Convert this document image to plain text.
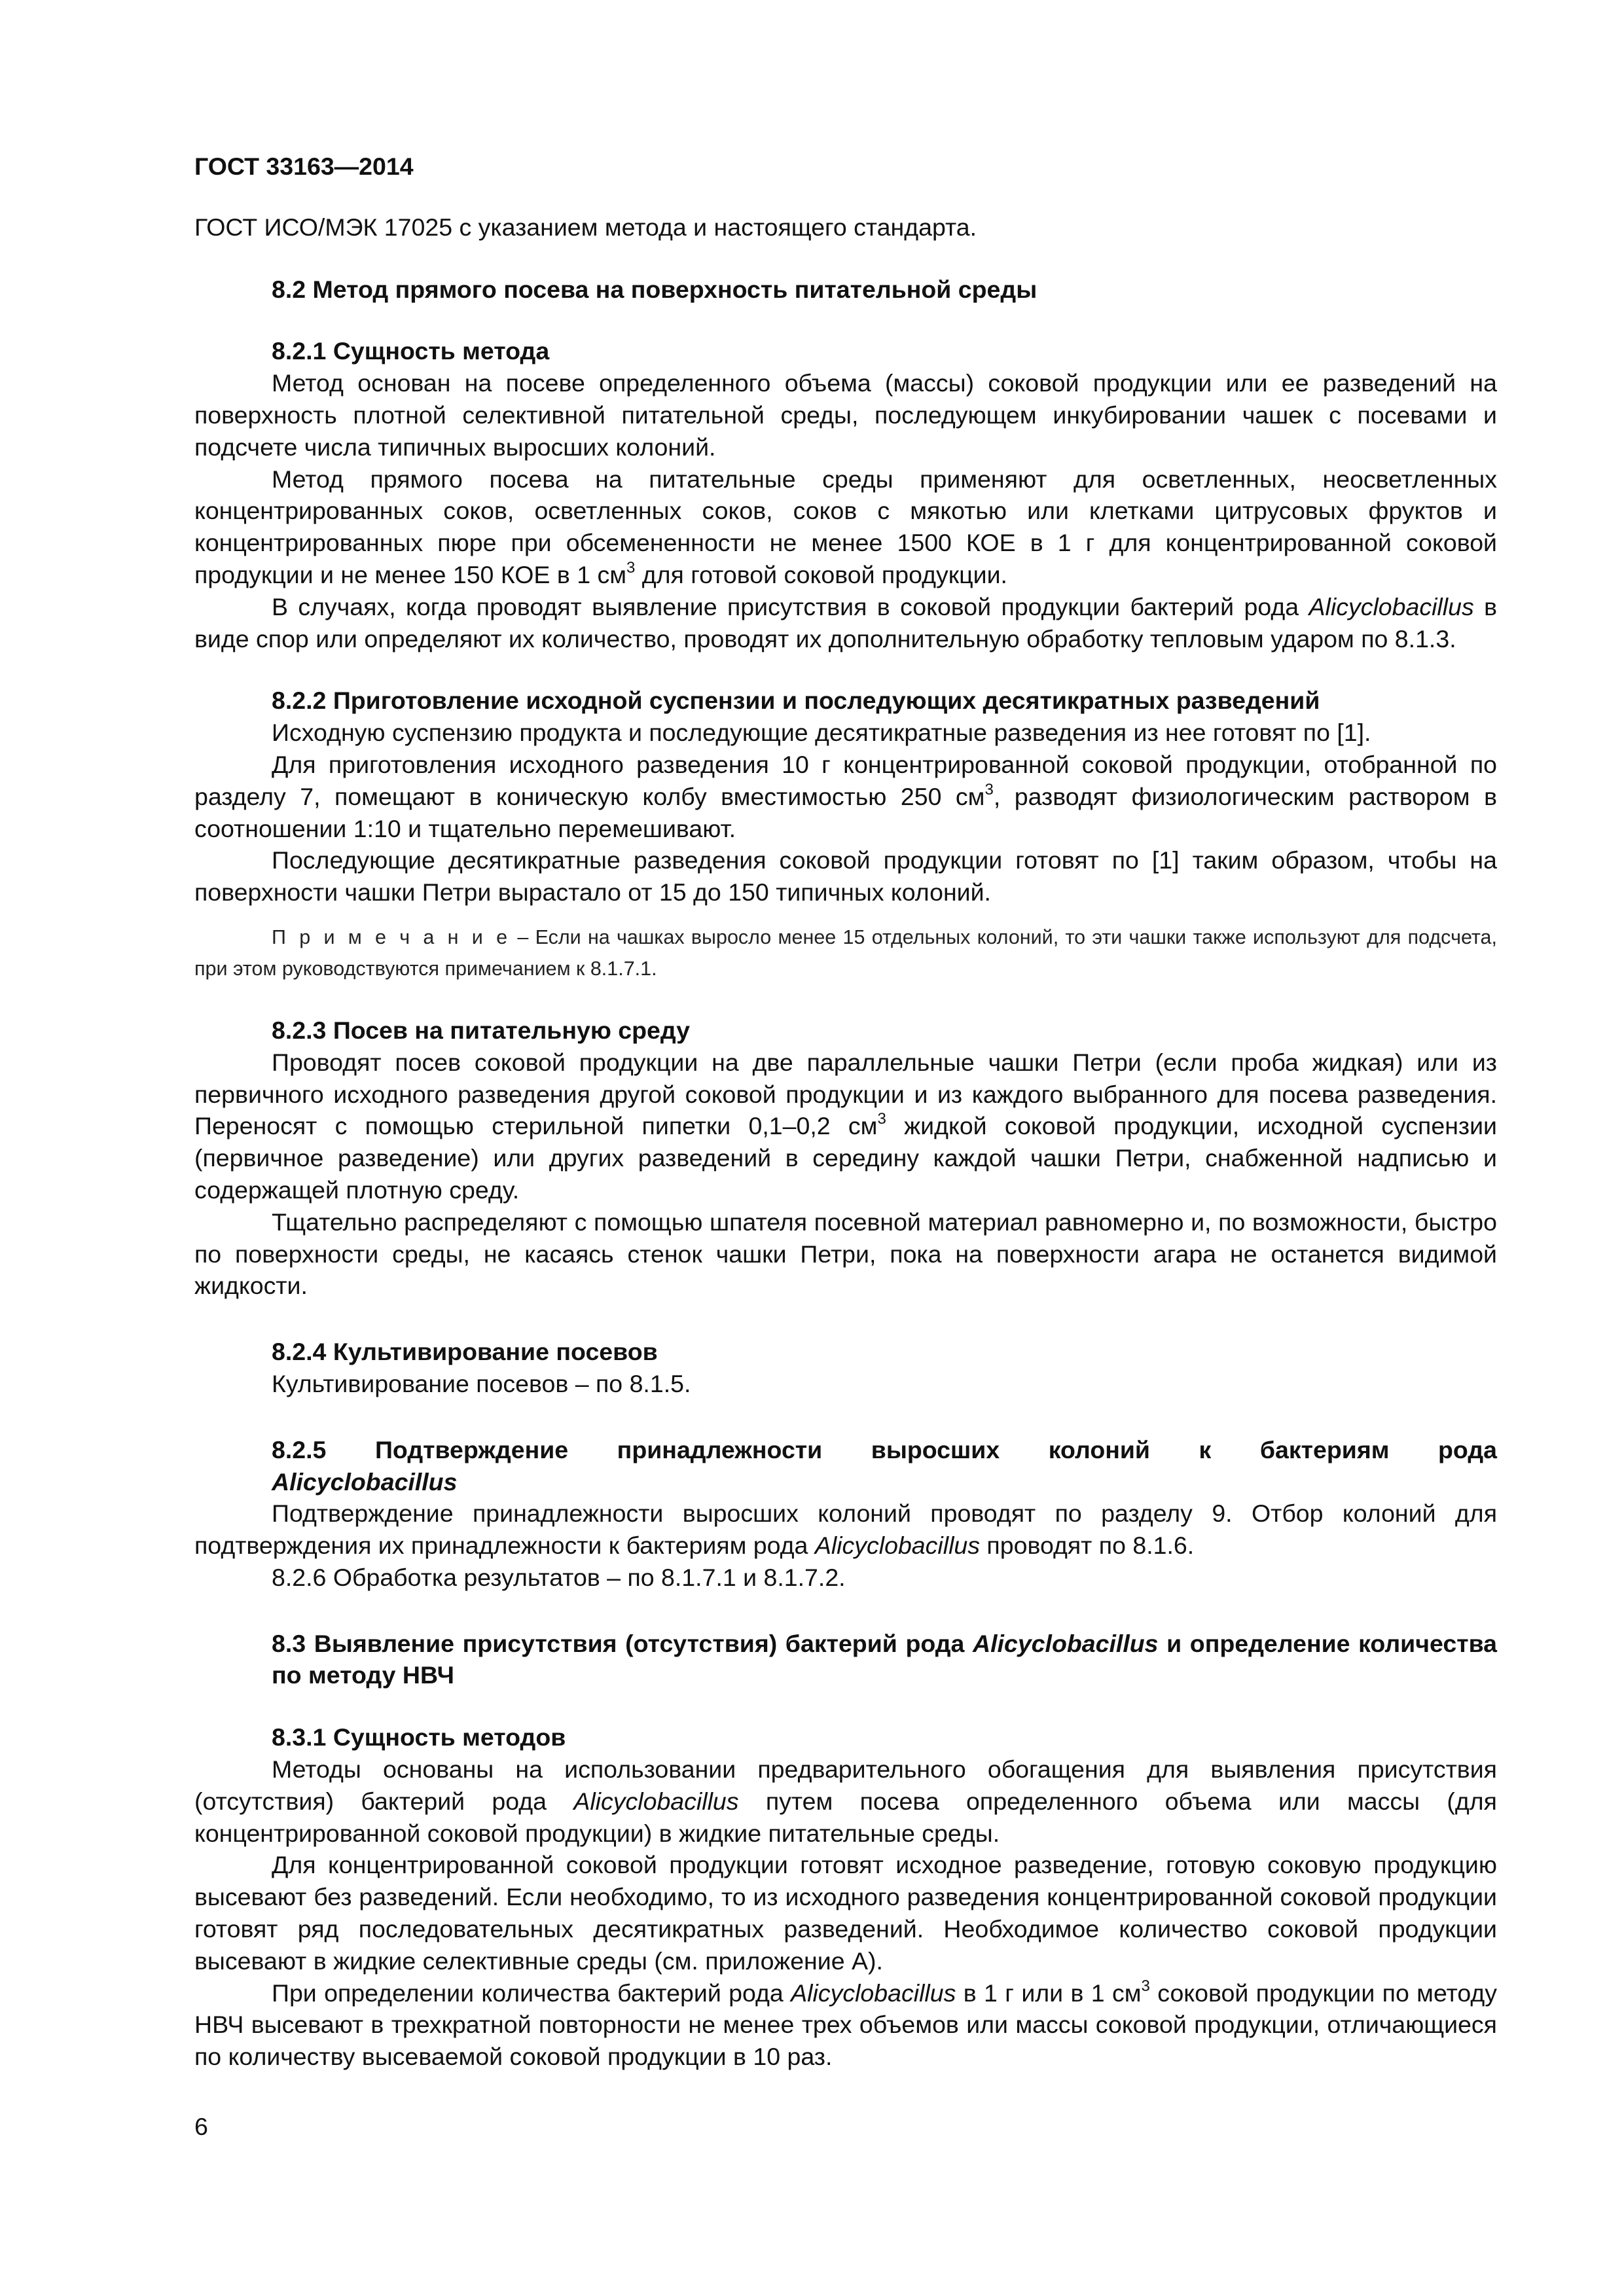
ГОСТ 33163—2014

ГОСТ ИСО/МЭК 17025 с указанием метода и настоящего стандарта.

8.2 Метод прямого посева на поверхность питательной среды

8.2.1 Сущность метода

Метод основан на посеве определенного объема (массы) соковой продукции или ее разведений на поверхность плотной селективной питательной среды, последующем инкубировании чашек с посевами и подсчете числа типичных выросших колоний.

Метод прямого посева на питательные среды применяют для осветленных, неосветленных концентрированных соков, осветленных соков, соков с мякотью или клетками цитрусовых фруктов и концентрированных пюре при обсемененности не менее 1500 КОЕ в 1 г для концентрированной соковой продукции и не менее 150 КОЕ в 1 $см^3$ для готовой соковой продукции.

В случаях, когда проводят выявление присутствия в соковой продукции бактерий рода Alicyclobacillus в виде спор или определяют их количество, проводят их дополнительную обработку тепловым ударом по 8.1.3.

8.2.2 Приготовление исходной суспензии и последующих десятикратных разведений

Исходную суспензию продукта и последующие десятикратные разведения из нее готовят по [1].

Для приготовления исходного разведения 10 г концентрированной соковой продукции, отобранной по разделу 7, помещают в коническую колбу вместимостью 250 $см^3$, разводят физиологическим раствором в соотношении 1:10 и тщательно перемешивают.

Последующие десятикратные разведения соковой продукции готовят по [1] таким образом, чтобы на поверхности чашки Петри вырастало от 15 до 150 типичных колоний.

П р и м е ч а н и е – Если на чашках выросло менее 15 отдельных колоний, то эти чашки также используют для подсчета, при этом руководствуются примечанием к 8.1.7.1.

8.2.3 Посев на питательную среду

Проводят посев соковой продукции на две параллельные чашки Петри (если проба жидкая) или из первичного исходного разведения другой соковой продукции и из каждого выбранного для посева разведения. Переносят с помощью стерильной пипетки 0,1–0,2 $см^3$ жидкой соковой продукции, исходной суспензии (первичное разведение) или других разведений в середину каждой чашки Петри, снабженной надписью и содержащей плотную среду.

Тщательно распределяют с помощью шпателя посевной материал равномерно и, по возможности, быстро по поверхности среды, не касаясь стенок чашки Петри, пока на поверхности агара не останется видимой жидкости.

8.2.4 Культивирование посевов

Культивирование посевов – по 8.1.5.

8.2.5 Подтверждение принадлежности выросших колоний к бактериям рода

Alicyclobacillus

Подтверждение принадлежности выросших колоний проводят по разделу 9. Отбор колоний для подтверждения их принадлежности к бактериям рода Alicyclobacillus проводят по 8.1.6.

8.2.6 Обработка результатов – по 8.1.7.1 и 8.1.7.2.

8.3 Выявление присутствия (отсутствия) бактерий рода Alicyclobacillus и определение количества по методу НВЧ

8.3.1 Сущность методов

Методы основаны на использовании предварительного обогащения для выявления присутствия (отсутствия) бактерий рода Alicyclobacillus путем посева определенного объема или массы (для концентрированной соковой продукции) в жидкие питательные среды.

Для концентрированной соковой продукции готовят исходное разведение, готовую соковую продукцию высевают без разведений. Если необходимо, то из исходного разведения концентрированной соковой продукции готовят ряд последовательных десятикратных разведений. Необходимое количество соковой продукции высевают в жидкие селективные среды (см. приложение А).

При определении количества бактерий рода Alicyclobacillus в 1 г или в 1 $см^3$ соковой продукции по методу НВЧ высевают в трехкратной повторности не менее трех объемов или массы соковой продукции, отличающиеся по количеству высеваемой соковой продукции в 10 раз.

6
